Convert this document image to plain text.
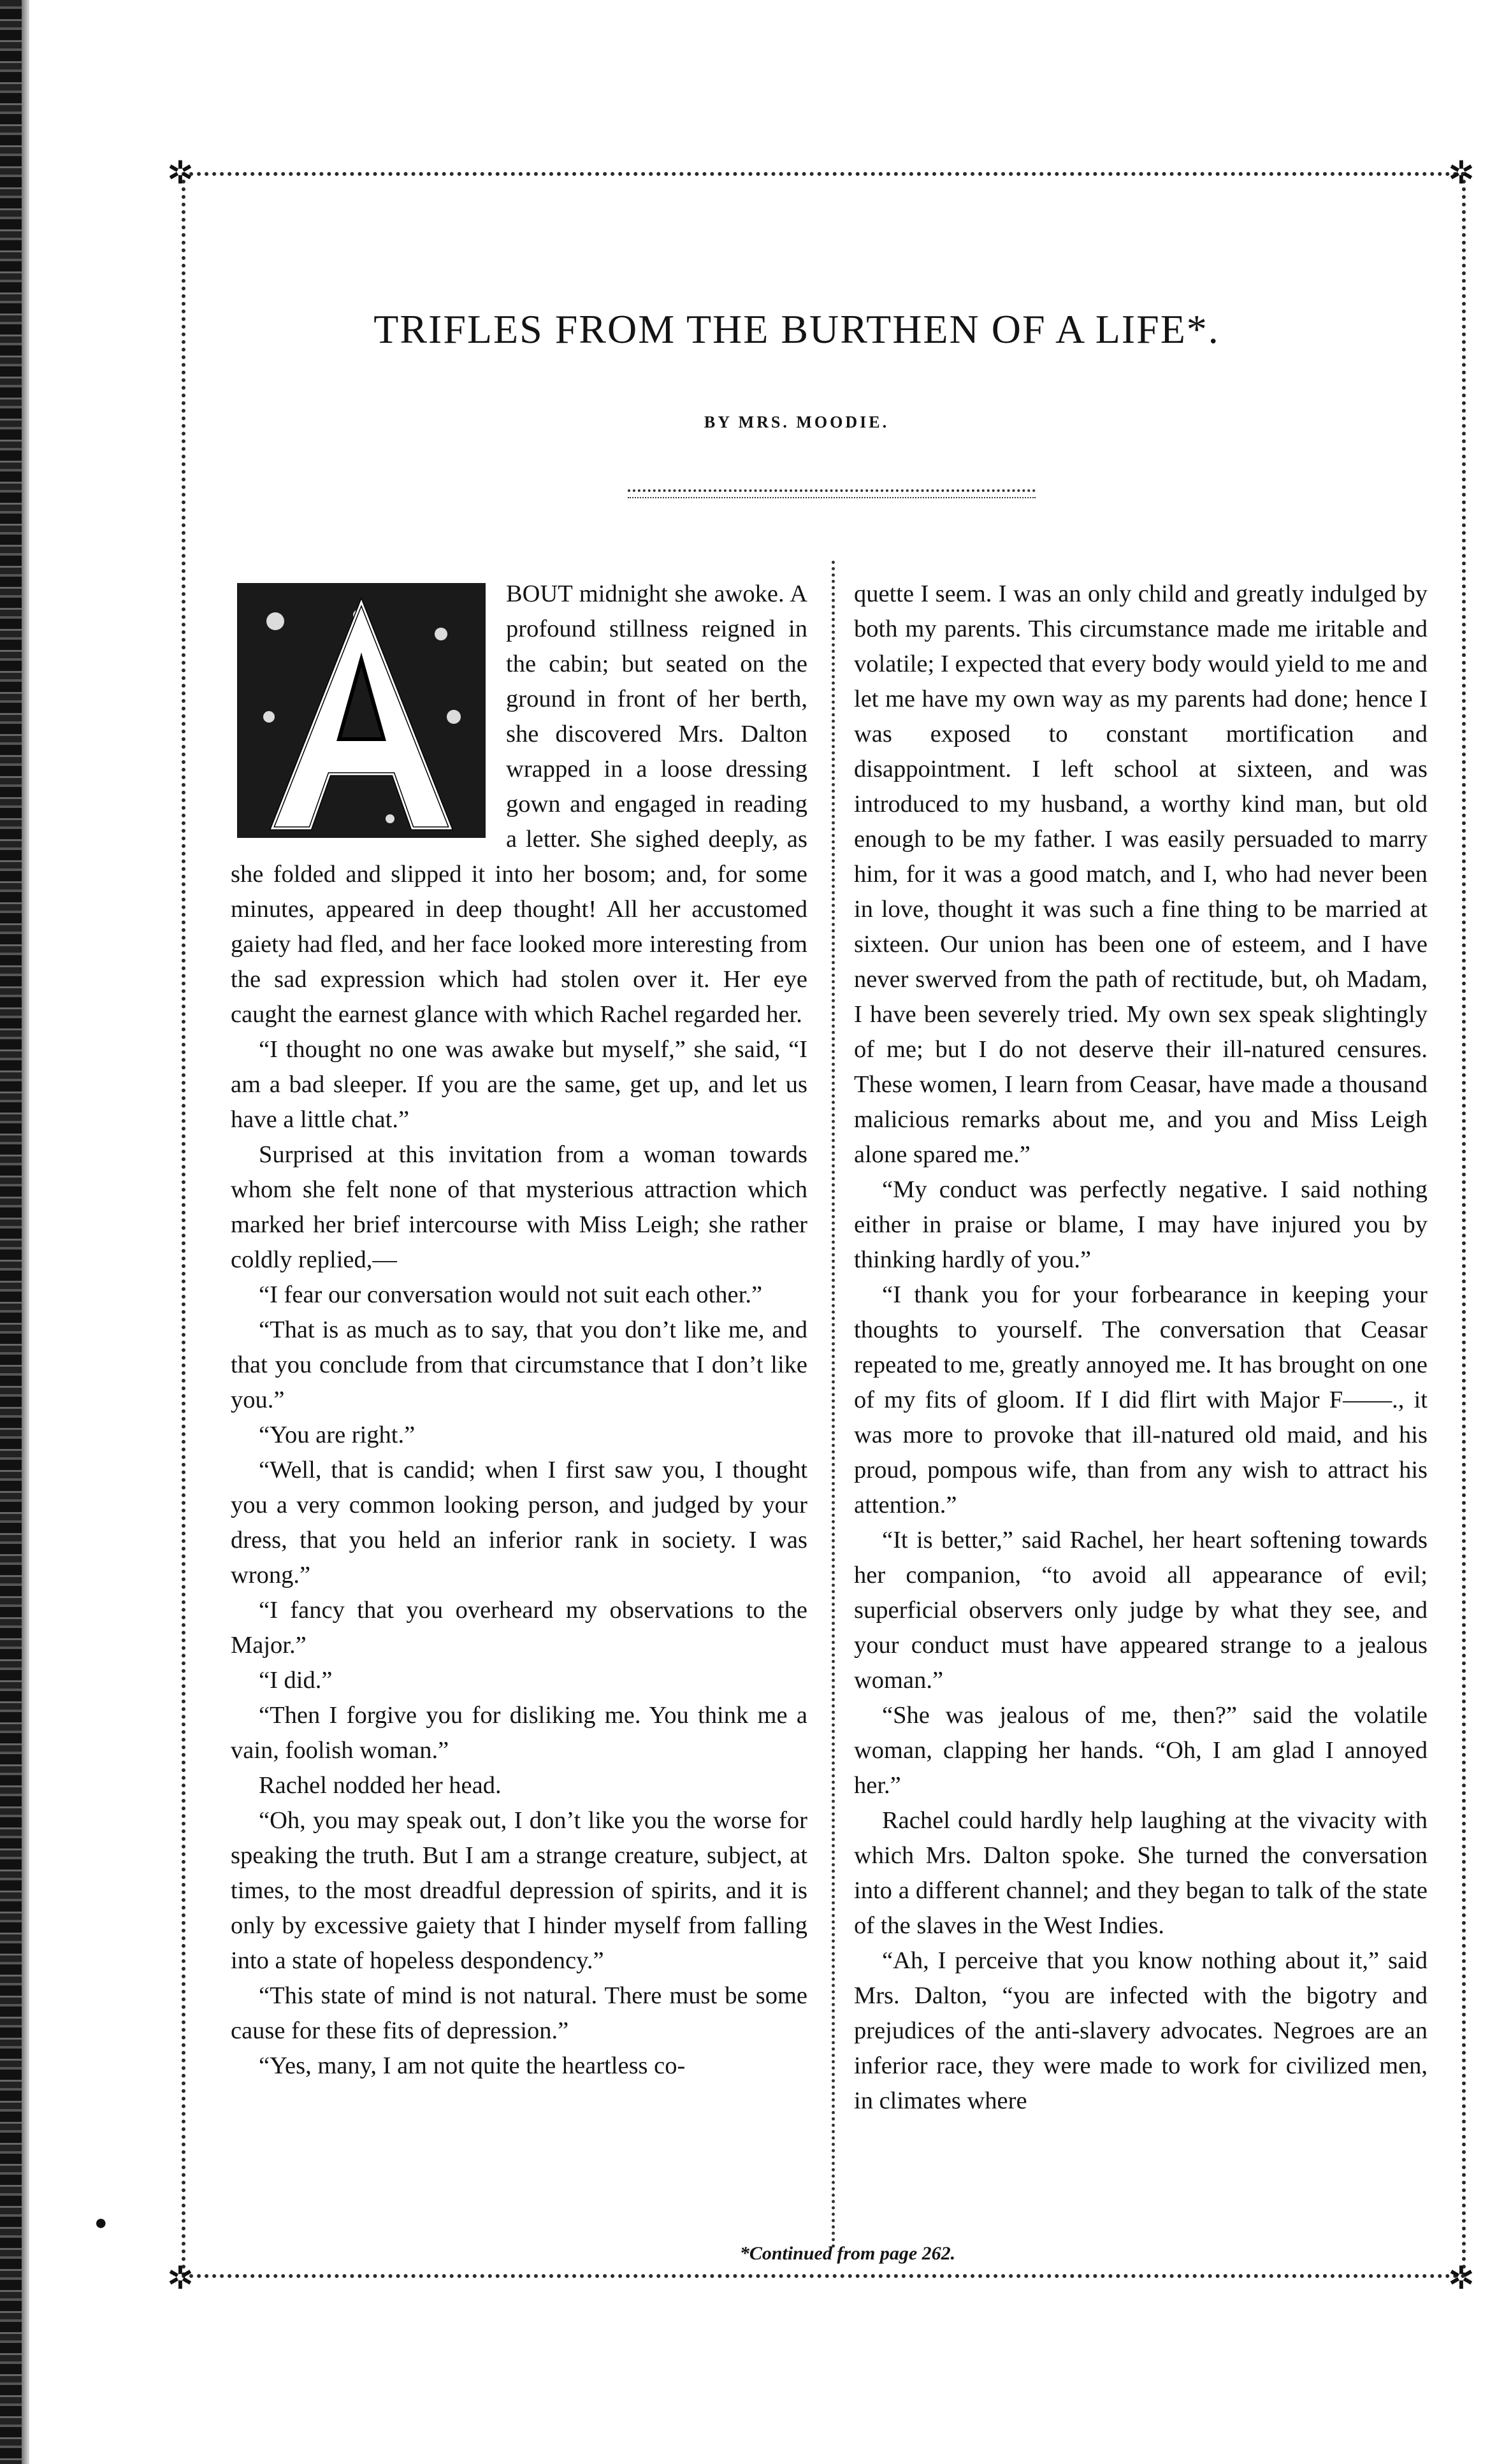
✲	✲
✲	✲
TRIFLES FROM THE BURTHEN OF A LIFE*.
BY MRS. MOODIE.

BOUT midnight she awoke. A profound stillness reigned in the cabin; but seated on the ground in front of her berth, she discovered Mrs. Dalton wrapped in a loose dressing gown and engaged in reading a letter. She sighed deeply, as she folded and slipped it into her bosom; and, for some minutes, appeared in deep thought! All her accustomed gaiety had fled, and her face looked more interesting from the sad expression which had stolen over it. Her eye caught the earnest glance with which Rachel regarded her.

“I thought no one was awake but myself,” she said, “I am a bad sleeper. If you are the same, get up, and let us have a little chat.”

Surprised at this invitation from a woman towards whom she felt none of that mysterious attraction which marked her brief intercourse with Miss Leigh; she rather coldly replied,—

“I fear our conversation would not suit each other.”

“That is as much as to say, that you don’t like me, and that you conclude from that circumstance that I don’t like you.”

“You are right.”

“Well, that is candid; when I first saw you, I thought you a very common looking person, and judged by your dress, that you held an inferior rank in society. I was wrong.”

“I fancy that you overheard my observations to the Major.”

“I did.”

“Then I forgive you for disliking me. You think me a vain, foolish woman.”

Rachel nodded her head.

“Oh, you may speak out, I don’t like you the worse for speaking the truth. But I am a strange creature, subject, at times, to the most dreadful depression of spirits, and it is only by excessive gaiety that I hinder myself from falling into a state of hopeless despondency.”

“This state of mind is not natural. There must be some cause for these fits of depression.”

“Yes, many, I am not quite the heartless co-

quette I seem. I was an only child and greatly indulged by both my parents. This circumstance made me iritable and volatile; I expected that every body would yield to me and let me have my own way as my parents had done; hence I was exposed to constant mortification and disappointment. I left school at sixteen, and was introduced to my husband, a worthy kind man, but old enough to be my father. I was easily persuaded to marry him, for it was a good match, and I, who had never been in love, thought it was such a fine thing to be married at sixteen. Our union has been one of esteem, and I have never swerved from the path of rectitude, but, oh Madam, I have been severely tried. My own sex speak slightingly of me; but I do not deserve their ill-natured censures. These women, I learn from Ceasar, have made a thousand malicious remarks about me, and you and Miss Leigh alone spared me.”

“My conduct was perfectly negative. I said nothing either in praise or blame, I may have injured you by thinking hardly of you.”

“I thank you for your forbearance in keeping your thoughts to yourself. The conversation that Ceasar repeated to me, greatly annoyed me. It has brought on one of my fits of gloom. If I did flirt with Major F——., it was more to provoke that ill-natured old maid, and his proud, pompous wife, than from any wish to attract his attention.”

“It is better,” said Rachel, her heart softening towards her companion, “to avoid all appearance of evil; superficial observers only judge by what they see, and your conduct must have appeared strange to a jealous woman.”

“She was jealous of me, then?” said the volatile woman, clapping her hands. “Oh, I am glad I annoyed her.”

Rachel could hardly help laughing at the vivacity with which Mrs. Dalton spoke. She turned the conversation into a different channel; and they began to talk of the state of the slaves in the West Indies.

“Ah, I perceive that you know nothing about it,” said Mrs. Dalton, “you are infected with the bigotry and prejudices of the anti-slavery advocates. Negroes are an inferior race, they were made to work for civilized men, in climates where

*Continued from page 262.
●
